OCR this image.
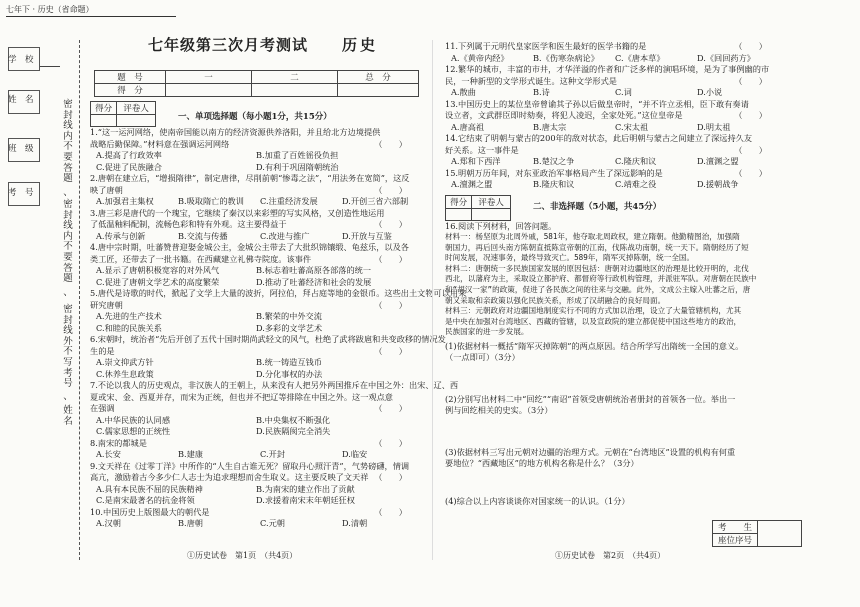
七年下 · 历史（省命题）
学　校
姓　名
班　级
考　号
密封线内不要答题
、
密封线内不要答题
、
密封线外不写考号
、
姓名
七年级第三次月考测试 历史
题　号	一	二	总　分
得　分			
得分	评卷人

一、单项选择题（每小题1分，共15分）
1.“这一运河网络，使南帝国能以南方的经济资源供养洛阳，并且给北方边境提供
战略后勤保障。”材料意在强调运河网络	（　　）
A.提高了行政效率	B.加重了百姓徭役负担
C.促进了民族融合	D.有利于巩固隋朝统治
2.唐朝在建立后，“增损隋律”，制定唐律，尽削前朝“惨毒之法”，“用法务在宽简”，这反
映了唐朝	（　　）
A.加强君主集权	B.吸取隋亡的教训 C.注重经济发展	D.开创三省六部制
3.唐三彩是唐代的一个瑰宝，它继续了秦汉以来彩塑的写实风格，又创造性地运用
了低温釉料配制，流畅色彩和特有外观。这主要得益于	（　　）
A.传承与创新	B.交流与传播	C.改进与推广	D.开放与互鉴
4.唐中宗时期，吐蕃赞普迎娶金城公主，金城公主带去了大批织锦镶缎、龟兹乐，以及各
类工匠，还带去了一批书籍。在西藏建立礼佛寺院度。该事件	（　　）
A.显示了唐朝积极宽容的对外风气	B.标志着吐蕃高原各部落的统一
C.促进了唐朝文学艺术的高度繁荣	D.推动了吐蕃经济和社会的发展
5.唐代是诗歌的时代，掀起了文学上大量的波折，阿拉伯，拜占庭等地的金银币。这些出土文物可以用来
研究唐朝	（　　）
A.先进的生产技术	B.繁荣的中外交流
C.和睦的民族关系	D.多彩的文学艺术
6.宋朝时，统治者“先后开创了五代十国时期尚武轻文的风气，杜绝了武将跋扈和共变政移的情况发
生的是	（　　）
A.崇文抑武方针	B.统一铸造互钱币
C.休养生息政策	D.分化事权的办法
7.不论以我人的历史观点，非汉族人的王朝上，从来没有人把另外两国推斥在中国之外：出宋、辽、西
夏或宋、金、西夏并存，而宋为正统，但也并不把辽等排除在中国之外。这一观点意
在强调	（　　）
A.中华民族的认同感	B.中央集权不断强化
C.儒家思想的正统性	D.民族隔阂完全消失
8.南宋的都城是	（　　）
A.长安	B.建康	C.开封	D.临安
9.文天祥在《过零丁洋》中所作的“人生自古谁无死？留取丹心照汗青”，气势磅礴，情调
高亢，激励着古今多少仁人志士为追求理想而舍生取义。这主要反映了文天祥 （　　）
A.具有本民族不屈的民族精神	B.为南宋的建立作出了贡献
C.是南宋最著名的抗金将领	D.求援着南宋末年朝廷狂权
10.中国历史上版图最大的朝代是	（　　）
A.汉朝	B.唐朝	C.元朝	D.清朝
11.下列属于元明代皇家医学和医生最好的医学书籍的是	（　　）
A.《黄帝内经》	B.《伤寒杂病论》 C.《唐本草》	D.《回回药方》
12.繁华的城市，丰富的市井，才华洋溢的作者和广泛多样的演唱环境，是为了事例幽的市
民，一种新型的文学形式诞生。这种文学形式是	（　　）
A.散曲	B.诗	C.词	D.小说
13.中国历史上的某位皇帝曾谕其子孙以后做皇帝时，“并不许立丞相，臣下敢有奏请
设立者，文武群臣即时劾奏，将犯人凌迟，全家处死。”这位皇帝是	（　　）
A.唐高祖	B.唐太宗	C.宋太祖	D.明太祖
14.它结束了明朝与蒙古的200年的敌对状态，此后明朝与蒙古之间建立了深远持久友
好关系。这一事件是	（　　）
A.郑和下西洋	B.楚汉之争	C.隆庆和议	D.澶渊之盟
15.明朝万历年间，对东亚政治军事格局产生了深远影响的是	（　　）
A.澶渊之盟	B.隆庆和议	C.靖难之役	D.援朝战争
得分	评卷人
		二、非选择题（5小题，共45分）
16.阅读下列材料，回答问题。
材料一：杨坚原为北周外戚，581年，他夺取北周政权，建立隋朝。他勤精图治，加强隋
朝国力，再后回头南方陈朝直抵陈宣帝朝的江南，伐陈战功南朝，统一天下。隋朝经历了短
时间发展，况速事务，最终导致灭亡。589年，隋军灭掉陈朝，统一全国。
材料二：唐朝统一多民族国家发展的原因包括：唐朝对边疆地区的治理是比较开明的，北伐
西北，以藩府为主，采取设立都护府、都督府等行政机构管理，并派驻军队。对唐朝在民族中
和“胡汉一家”的政策，促进了各民族之间的往来与交融。此外，文成公主嫁入吐蕃之后，唐
朝又采取和亲政策以强化民族关系，形成了汉胡融合的良好局面。
材料三：元朝政府对边疆国地制度实行不同的方式加以治理，设立了大量管辖机构，尤其
是中央在加强对台湾地区、西藏的管辖，以及宣政院的建立都促使中国这些地方的政治，
民族国家的进一步发展。
(1)依据材料一概括“隋军灭掉陈朝”的两点原因。结合所学写出隋统一全国的意义。
（一点即可）（3分）
(2)分别写出材料二中“回纥”“南诏”首领受唐朝统治者册封的首领各一位。举出一
例与回纥相关的史实。（3分）
(3)依据材料三写出元朝对边疆的治理方式。元朝在“台湾地区”设置的机构有何重
要地位？“西藏地区”的地方机构名称是什么？（3分）
(4)综合以上内容谈谈你对国家统一的认识。（1分）
①历史试卷　第1页　（共4页）	①历史试卷　第2页　（共4页）
考　　生	
座位序号
